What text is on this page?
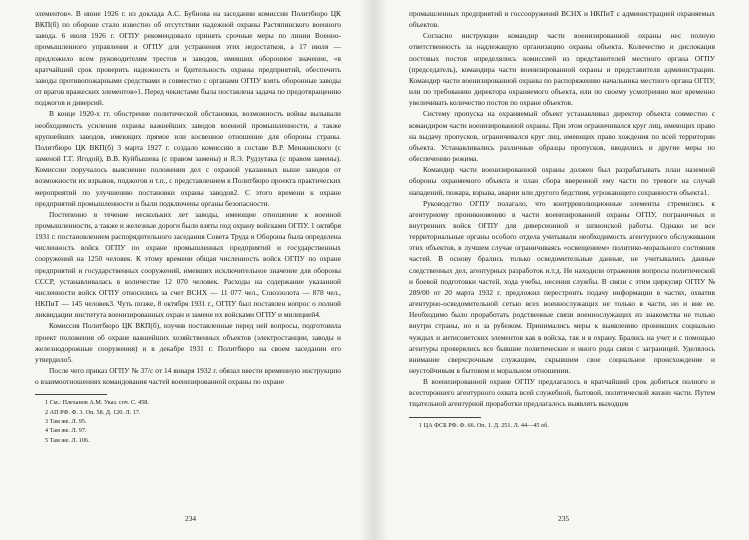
элементов». В июне 1926 г. из доклада А.С. Бубнова на заседании комиссии Политбюро ЦК ВКП(б) по обороне стало известно об отсутствии надежной охраны Растяпинского военного завода. 6 июля 1926 г. ОГПУ рекомендовало принять срочные меры по линии Военно-промышленного управления и ОГПУ для устранения этих недостатков, а 17 июля — предложило всем руководителям трестов и заводов, имевших оборонное значение, «в кратчайший срок проверить надежность и бдительность охраны предприятий, обеспечить заводы противопожарными средствами и совместно с органами ОГПУ взять оборонные заводы от врагов вражеских элементов»1. Перед чекистами была поставлена задача по предотвращению поджогов и диверсий.

В конце 1920-х гг. обострение политической обстановки, возможность войны вызывали необходимость усиления охраны важнейших заводов военной промышленности, а также крупнейших заводов, имеющих прямое или косвенное отношение для обороны страны. Политбюро ЦК ВКП(б) 3 марта 1927 г. создало комиссию в составе В.Р. Менжинского (с заменой Г.Г. Ягодой), В.В. Куйбышева (с правом замены) и Я.Э. Рудзутака (с правом замены). Комиссии поручалось выяснение положения дел с охраной указанных выше заводов от возможности их взрывов, поджогов и т.п., с представлением в Политбюро проекта практических мероприятий по улучшению постановки охраны заводов2. С этого времени к охране предприятий промышленности и были подключены органы безопасности.

Постепенно в течение нескольких лет заводы, имеющие отношение к военной промышленности, а также и железные дороги были взяты под охрану войсками ОГПУ. 1 октября 1931 г. постановлением распорядительного заседания Совета Труда и Обороны была определена численность войск ОГПУ по охране промышленных предприятий и государственных сооружений на 1250 человек. К этому времени общая численность войск ОГПУ по охране предприятий и государственных сооружений, имевших исключительное значение для обороны СССР, устанавливалась в количестве 12 070 человек. Расходы на содержание указанной численности войск ОГПУ относились за счет ВСНХ — 11 077 чел., Союззолота — 878 чел., НКПиТ — 145 человек3. Чуть позже, 8 октября 1931 г., ОГПУ был поставлен вопрос о полной ликвидации института военизированных охран и замене их войсками ОГПУ и милицией4.

Комиссия Политбюро ЦК ВКП(б), изучив поставленные перед ней вопросы, подготовила проект положения об охране важнейших хозяйственных объектов (электростанции, заводы и железнодорожные сооружения) и в декабре 1931 г. Политбюро на своем заседании его утвердило5.

После чего приказ ОГПУ № 37/с от 14 января 1932 г. обязал ввести временную инструкцию о взаимоотношениях командования частей военизированной охраны по охране

1 См.: Плеханов А.М. Указ. соч. С. 458.
2 АП РФ. Ф. 3. Оп. 58. Д. 120. Л. 17.
3 Там же. Л. 95.
4 Там же. Л. 97.
5 Там же. Л. 106.
234

промышленных предприятий и госсооружений ВСНХ и НКПиТ с администрацией охраняемых объектов.

Согласно инструкции командир части военизированной охраны нес полную ответственность за надлежащую организацию охраны объекта. Количество и дислокация постовых постов определялись комиссией из представителей местного органа ОГПУ (председатель), командира части военизированной охраны и представителя администрации. Командир части военизированной охраны по распоряжению начальника местного органа ОГПУ, или по требованию директора охраняемого объекта, или по своему усмотрению мог временно увеличивать количество постов по охране объектов.

Систему пропуска на охраняемый объект устанавливал директор объекта совместно с командиром части военизированной охраны. При этом ограничивался круг лиц, имеющих право на выдачу пропусков, ограничивался круг лиц, имеющих право хождения по всей территории объекта. Устанавливались различные образцы пропусков, вводились и другие меры по обеспечению режима.

Командир части военизированной охраны должен был разрабатывать план наземной обороны охраняемого объекта и план сбора вверенной ему части по тревоге на случай нападений, пожара, взрыва, аварии или другого бедствия, угрожающего сохранности объекта1.

Руководство ОГПУ полагало, что контрреволюционные элементы стремились к агентурному проникновению в части военизированной охраны ОГПУ, пограничных и внутренних войск ОГПУ для диверсионной и шпионской работы. Однако не все территориальные органы особого отдела учитывали необходимость агентурного обслуживания этих объектов, в лучшем случае ограничиваясь «освещением» политико-морального состояния частей. В основу брались только осведомительные данные, не учитывались данные следственных дел, агентурных разработок и.т.д. Не находили отражения вопросы политической и боевой подготовки частей, хода учебы, несения службы. В связи с этим циркуляр ОГПУ № 289/00 от 20 марта 1932 г. предложил перестроить подачу информации в частях, охватив агентурно-осведомительной сетью всех военнослужащих не только в части, но и вне ее. Необходимо было проработать родственные связи военнослужащих из знакомства не только внутри страны, но и за рубежом. Принимались меры к выявлению проникших социально чуждых и антисоветских элементов как в войска, так и в охрану. Брались на учет и с помощью агентуры проверялись все бывшие политические и иного рода связи с заграницей. Уделялось внимание сверхсрочным служащим, скрывшим свое социальное происхождение и неустойчивым в бытовом и моральном отношении.

В военизированной охране ОГПУ предлагалось в кратчайший срок добиться полного и всестороннего агентурного охвата всей служебной, бытовой, политической жизни части. Путем тщательной агентурной проработки предлагалось выявлять выходцев

1 ЦА ФСБ РФ. Ф. 66. Оп. 1. Д. 251. Л. 44—45 об.
235
